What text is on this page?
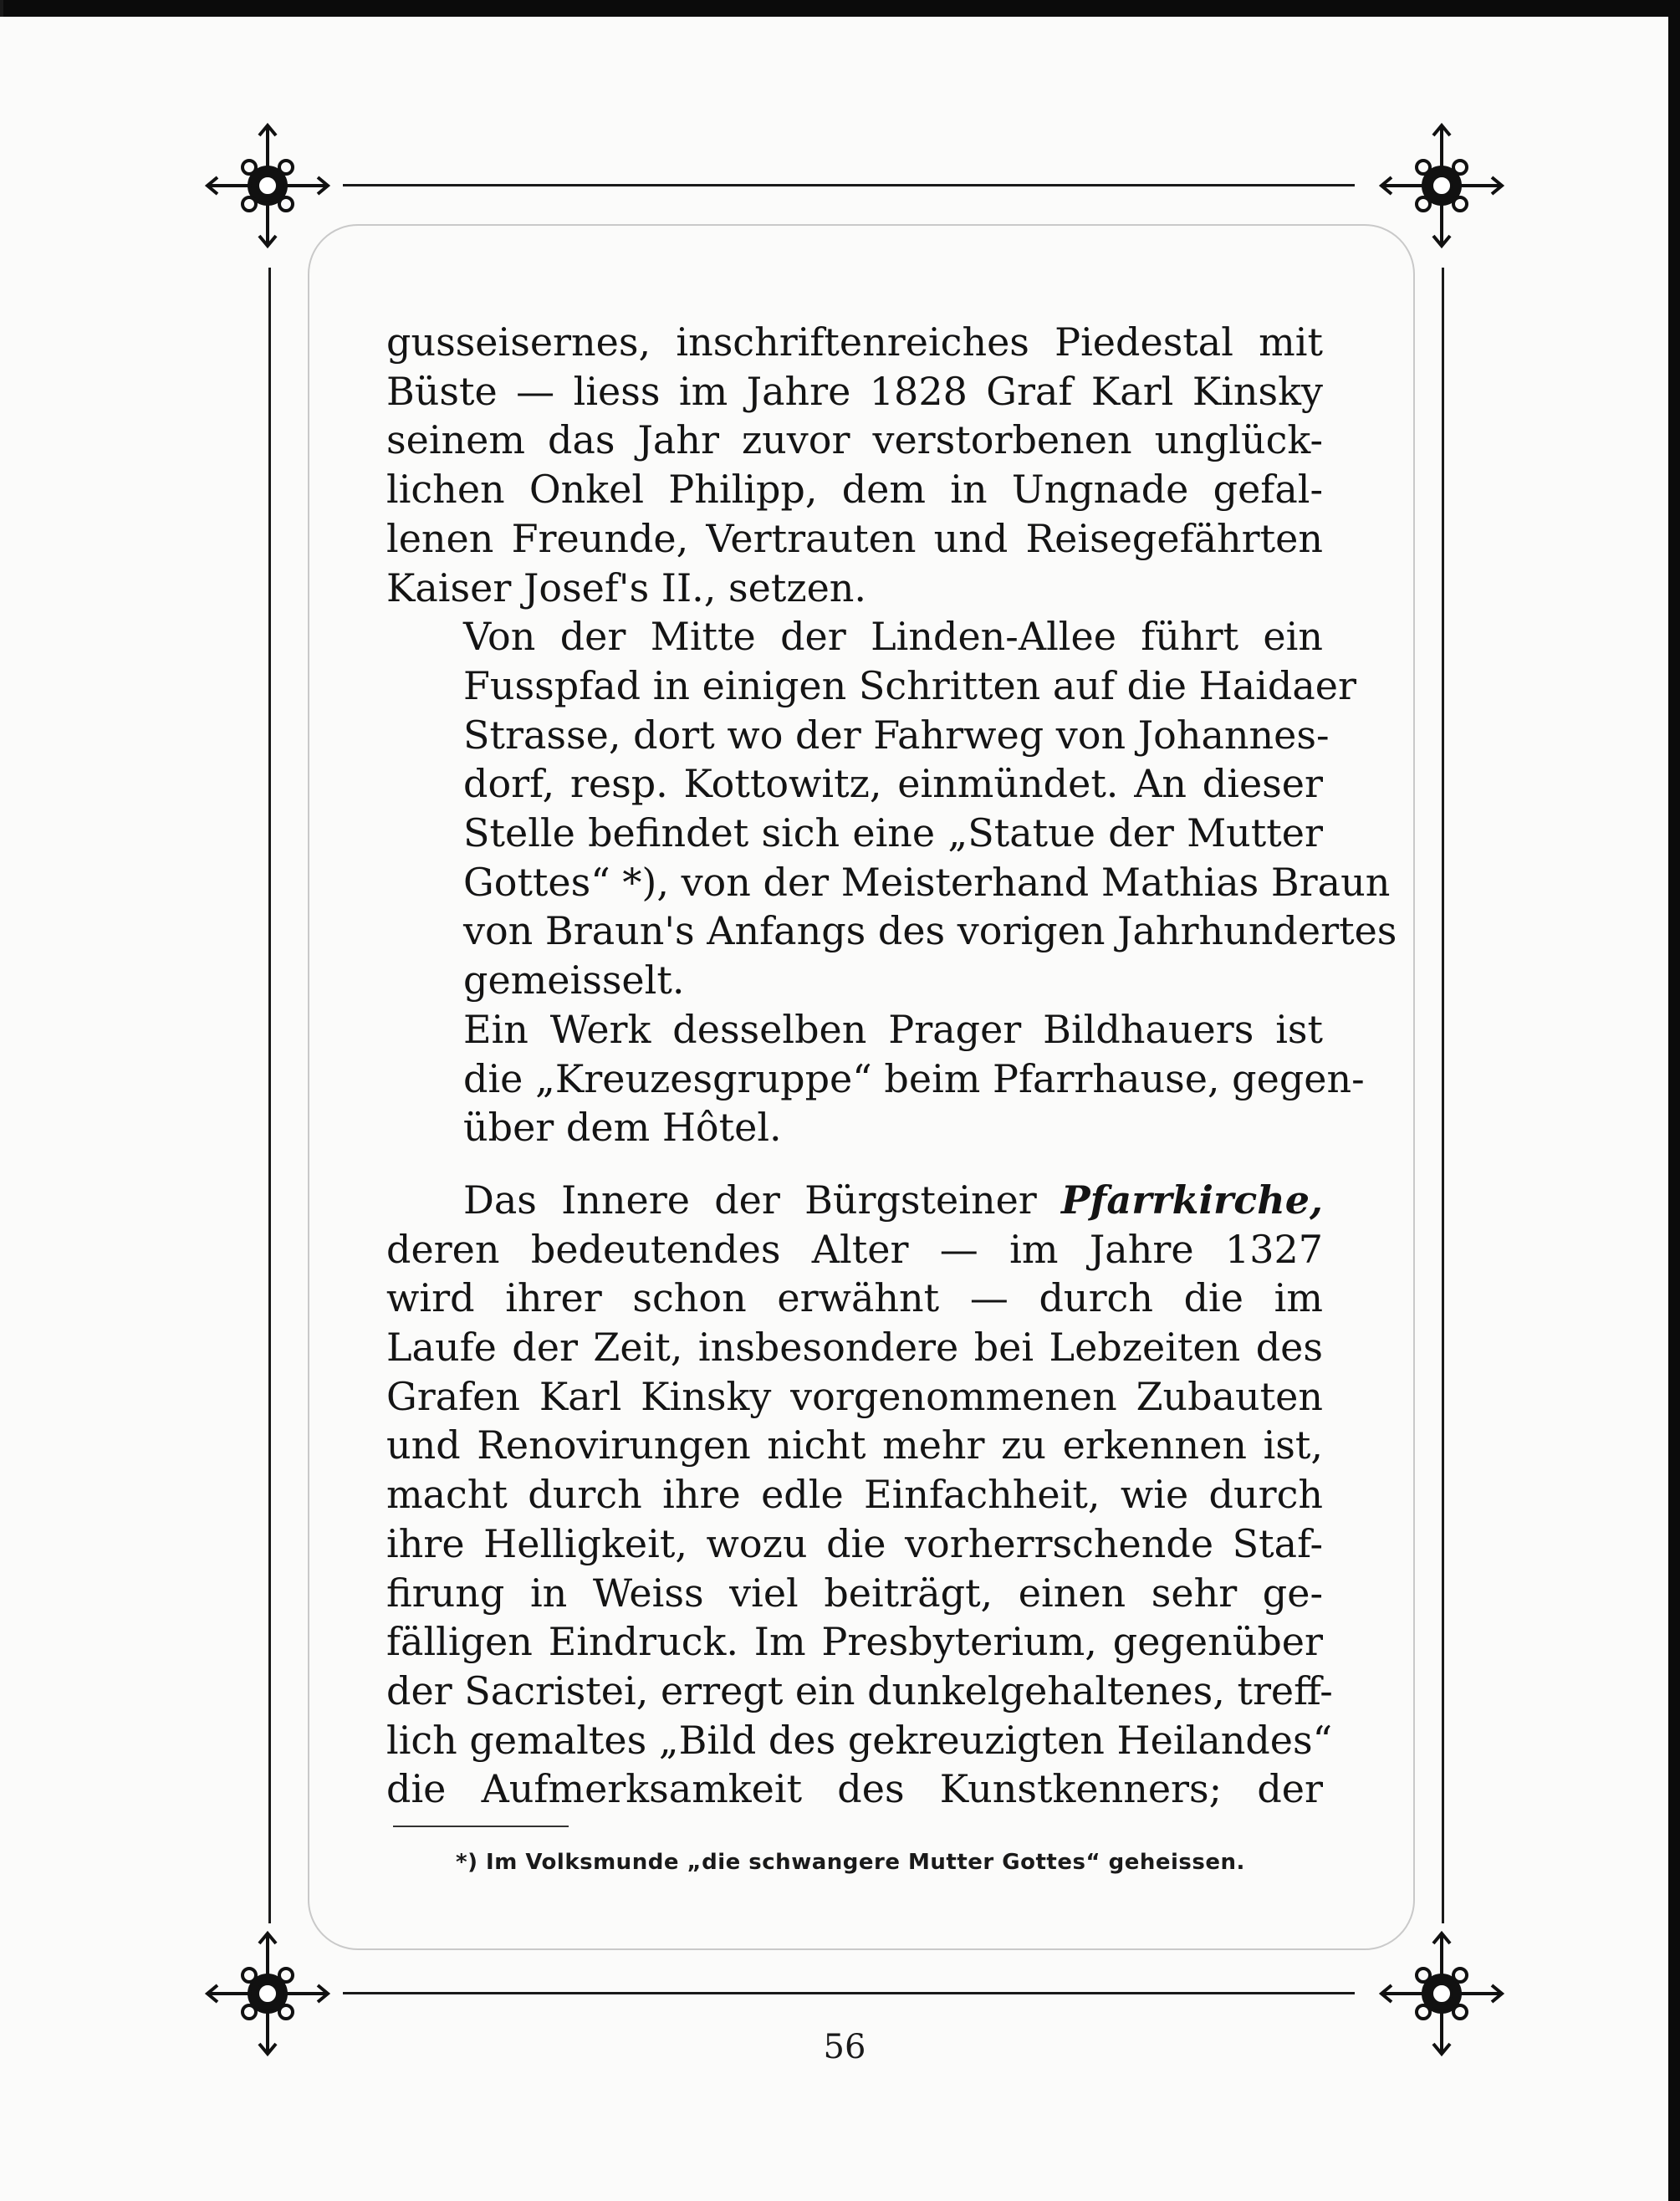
gusseisernes, inschriftenreiches Piedestal mit
Büste — liess im Jahre 1828 Graf Karl Kinsky
seinem das Jahr zuvor verstorbenen unglück-
lichen Onkel Philipp, dem in Ungnade gefal-
lenen Freunde, Vertrauten und Reisegefährten
Kaiser Josef's II., setzen.
Von der Mitte der Linden-Allee führt ein
Fusspfad in einigen Schritten auf die Haidaer
Strasse, dort wo der Fahrweg von Johannes-
dorf, resp. Kottowitz, einmündet. An dieser
Stelle befindet sich eine „Statue der Mutter
Gottes“ *), von der Meisterhand Mathias Braun
von Braun's Anfangs des vorigen Jahrhundertes
gemeisselt.
Ein Werk desselben Prager Bildhauers ist
die „Kreuzesgruppe“ beim Pfarrhause, gegen-
über dem Hôtel.
Das Innere der Bürgsteiner Pfarrkirche,
deren bedeutendes Alter — im Jahre 1327
wird ihrer schon erwähnt — durch die im
Laufe der Zeit, insbesondere bei Lebzeiten des
Grafen Karl Kinsky vorgenommenen Zubauten
und Renovirungen nicht mehr zu erkennen ist,
macht durch ihre edle Einfachheit, wie durch
ihre Helligkeit, wozu die vorherrschende Staf-
firung in Weiss viel beiträgt, einen sehr ge-
fälligen Eindruck. Im Presbyterium, gegenüber
der Sacristei, erregt ein dunkelgehaltenes, treff-
lich gemaltes „Bild des gekreuzigten Heilandes“
die Aufmerksamkeit des Kunstkenners; der
*) Im Volksmunde „die schwangere Mutter Gottes“ geheissen.
56
